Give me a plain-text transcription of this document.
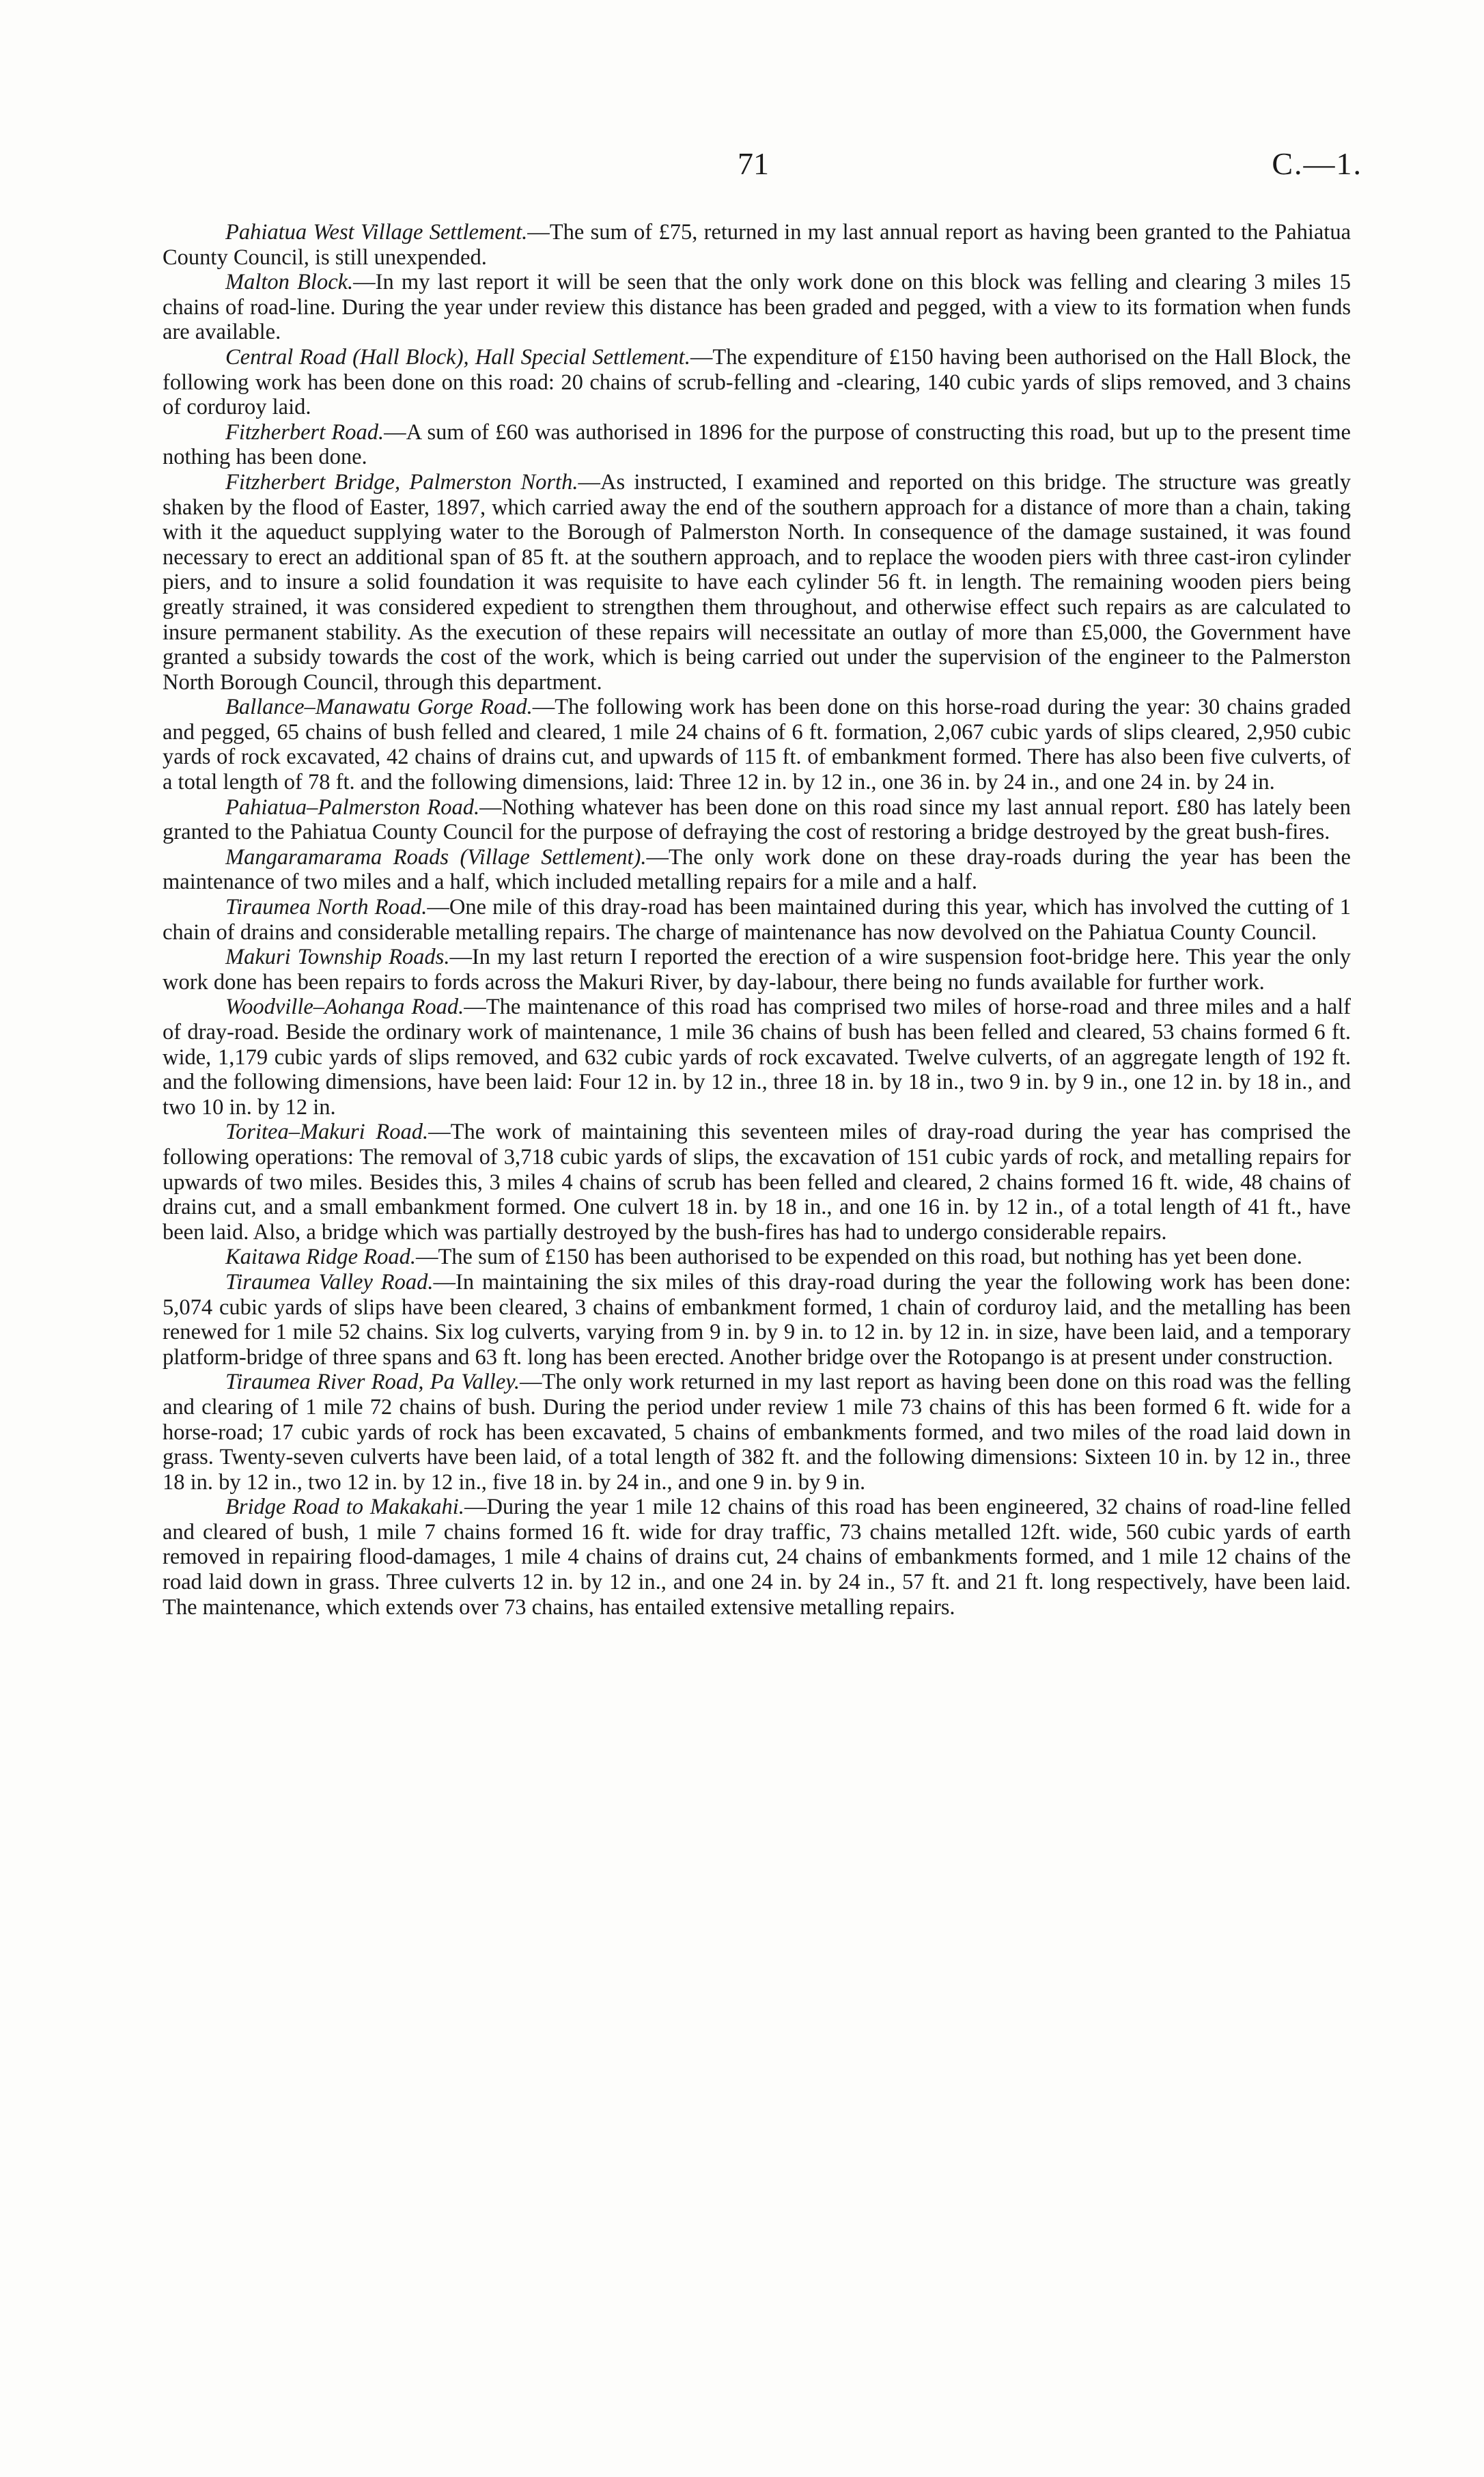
71	C.—1.

Pahiatua West Village Settlement.—The sum of £75, returned in my last annual report as having been granted to the Pahiatua County Council, is still unexpended.

Malton Block.—In my last report it will be seen that the only work done on this block was felling and clearing 3 miles 15 chains of road-line. During the year under review this distance has been graded and pegged, with a view to its formation when funds are available.

Central Road (Hall Block), Hall Special Settlement.—The expenditure of £150 having been authorised on the Hall Block, the following work has been done on this road: 20 chains of scrub-felling and -clearing, 140 cubic yards of slips removed, and 3 chains of corduroy laid.

Fitzherbert Road.—A sum of £60 was authorised in 1896 for the purpose of constructing this road, but up to the present time nothing has been done.

Fitzherbert Bridge, Palmerston North.—As instructed, I examined and reported on this bridge. The structure was greatly shaken by the flood of Easter, 1897, which carried away the end of the southern approach for a distance of more than a chain, taking with it the aqueduct supplying water to the Borough of Palmerston North. In consequence of the damage sustained, it was found necessary to erect an additional span of 85 ft. at the southern approach, and to replace the wooden piers with three cast-iron cylinder piers, and to insure a solid foundation it was requisite to have each cylinder 56 ft. in length. The remaining wooden piers being greatly strained, it was considered expedient to strengthen them throughout, and otherwise effect such repairs as are calculated to insure permanent stability. As the execution of these repairs will necessitate an outlay of more than £5,000, the Government have granted a subsidy towards the cost of the work, which is being carried out under the supervision of the engineer to the Palmerston North Borough Council, through this department.

Ballance–Manawatu Gorge Road.—The following work has been done on this horse-road during the year: 30 chains graded and pegged, 65 chains of bush felled and cleared, 1 mile 24 chains of 6 ft. formation, 2,067 cubic yards of slips cleared, 2,950 cubic yards of rock excavated, 42 chains of drains cut, and upwards of 115 ft. of embankment formed. There has also been five culverts, of a total length of 78 ft. and the following dimensions, laid: Three 12 in. by 12 in., one 36 in. by 24 in., and one 24 in. by 24 in.

Pahiatua–Palmerston Road.—Nothing whatever has been done on this road since my last annual report. £80 has lately been granted to the Pahiatua County Council for the purpose of defraying the cost of restoring a bridge destroyed by the great bush-fires.

Mangaramarama Roads (Village Settlement).—The only work done on these dray-roads during the year has been the maintenance of two miles and a half, which included metalling repairs for a mile and a half.

Tiraumea North Road.—One mile of this dray-road has been maintained during this year, which has involved the cutting of 1 chain of drains and considerable metalling repairs. The charge of maintenance has now devolved on the Pahiatua County Council.

Makuri Township Roads.—In my last return I reported the erection of a wire suspension foot-bridge here. This year the only work done has been repairs to fords across the Makuri River, by day-labour, there being no funds available for further work.

Woodville–Aohanga Road.—The maintenance of this road has comprised two miles of horse-road and three miles and a half of dray-road. Beside the ordinary work of maintenance, 1 mile 36 chains of bush has been felled and cleared, 53 chains formed 6 ft. wide, 1,179 cubic yards of slips removed, and 632 cubic yards of rock excavated. Twelve culverts, of an aggregate length of 192 ft. and the following dimensions, have been laid: Four 12 in. by 12 in., three 18 in. by 18 in., two 9 in. by 9 in., one 12 in. by 18 in., and two 10 in. by 12 in.

Toritea–Makuri Road.—The work of maintaining this seventeen miles of dray-road during the year has comprised the following operations: The removal of 3,718 cubic yards of slips, the excavation of 151 cubic yards of rock, and metalling repairs for upwards of two miles. Besides this, 3 miles 4 chains of scrub has been felled and cleared, 2 chains formed 16 ft. wide, 48 chains of drains cut, and a small embankment formed. One culvert 18 in. by 18 in., and one 16 in. by 12 in., of a total length of 41 ft., have been laid. Also, a bridge which was partially destroyed by the bush-fires has had to undergo considerable repairs.

Kaitawa Ridge Road.—The sum of £150 has been authorised to be expended on this road, but nothing has yet been done.

Tiraumea Valley Road.—In maintaining the six miles of this dray-road during the year the following work has been done: 5,074 cubic yards of slips have been cleared, 3 chains of embankment formed, 1 chain of corduroy laid, and the metalling has been renewed for 1 mile 52 chains. Six log culverts, varying from 9 in. by 9 in. to 12 in. by 12 in. in size, have been laid, and a temporary platform-bridge of three spans and 63 ft. long has been erected. Another bridge over the Rotopango is at present under construction.

Tiraumea River Road, Pa Valley.—The only work returned in my last report as having been done on this road was the felling and clearing of 1 mile 72 chains of bush. During the period under review 1 mile 73 chains of this has been formed 6 ft. wide for a horse-road; 17 cubic yards of rock has been excavated, 5 chains of embankments formed, and two miles of the road laid down in grass. Twenty-seven culverts have been laid, of a total length of 382 ft. and the following dimensions: Sixteen 10 in. by 12 in., three 18 in. by 12 in., two 12 in. by 12 in., five 18 in. by 24 in., and one 9 in. by 9 in.

Bridge Road to Makakahi.—During the year 1 mile 12 chains of this road has been engineered, 32 chains of road-line felled and cleared of bush, 1 mile 7 chains formed 16 ft. wide for dray traffic, 73 chains metalled 12ft. wide, 560 cubic yards of earth removed in repairing flood-damages, 1 mile 4 chains of drains cut, 24 chains of embankments formed, and 1 mile 12 chains of the road laid down in grass. Three culverts 12 in. by 12 in., and one 24 in. by 24 in., 57 ft. and 21 ft. long respectively, have been laid. The maintenance, which extends over 73 chains, has entailed extensive metalling repairs.
